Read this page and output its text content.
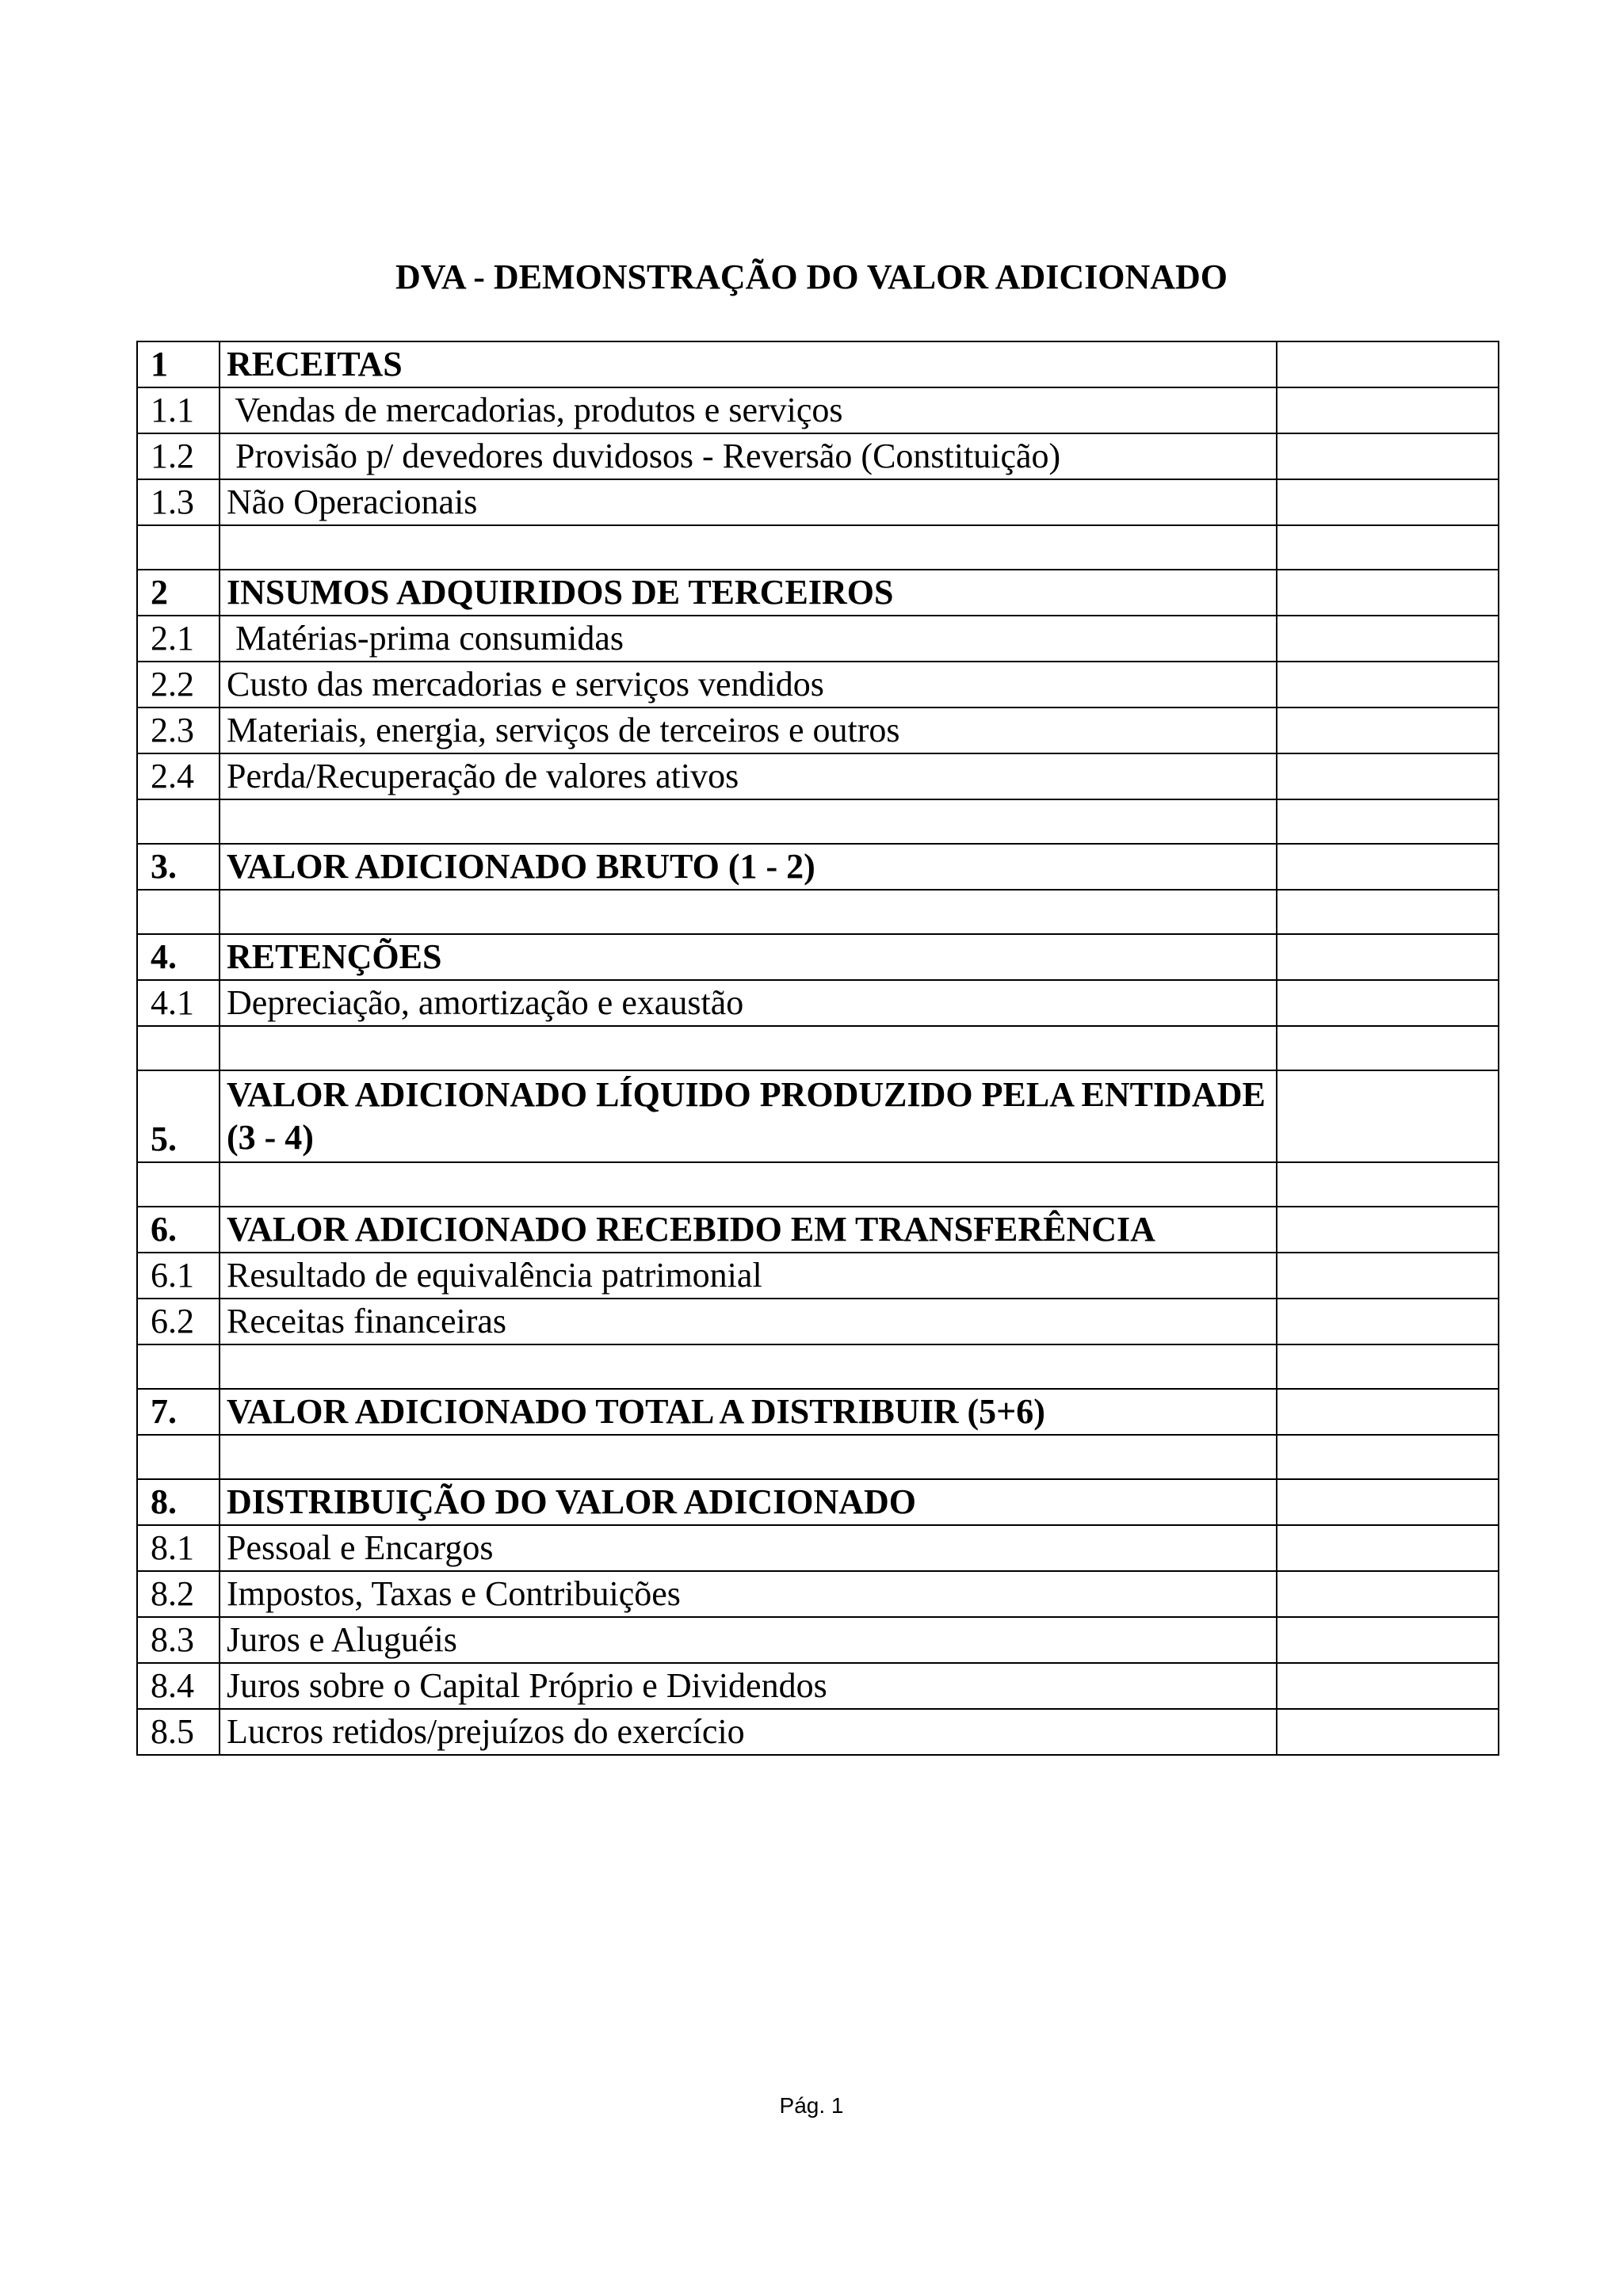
DVA - DEMONSTRAÇÃO DO VALOR ADICIONADO
1	RECEITAS	
1.1	Vendas de mercadorias, produtos e serviços	
1.2	Provisão p/ devedores duvidosos - Reversão (Constituição)	
1.3	Não Operacionais	

2	INSUMOS ADQUIRIDOS DE TERCEIROS	
2.1	Matérias-prima consumidas	
2.2	Custo das mercadorias e serviços vendidos	
2.3	Materiais, energia, serviços de terceiros e outros	
2.4	Perda/Recuperação de valores ativos	

3.	VALOR ADICIONADO BRUTO (1 - 2)	

4.	RETENÇÕES	
4.1	Depreciação, amortização e exaustão	

5.	VALOR ADICIONADO LÍQUIDO PRODUZIDO PELA ENTIDADE (3 - 4)	

6.	VALOR ADICIONADO RECEBIDO EM TRANSFERÊNCIA	
6.1	Resultado de equivalência patrimonial	
6.2	Receitas financeiras	

7.	VALOR ADICIONADO TOTAL A DISTRIBUIR (5+6)	

8.	DISTRIBUIÇÃO DO VALOR ADICIONADO	
8.1	Pessoal e Encargos	
8.2	Impostos, Taxas e Contribuições	
8.3	Juros e Aluguéis	
8.4	Juros sobre o Capital Próprio e Dividendos	
8.5	Lucros retidos/prejuízos do exercício	
Pág. 1
